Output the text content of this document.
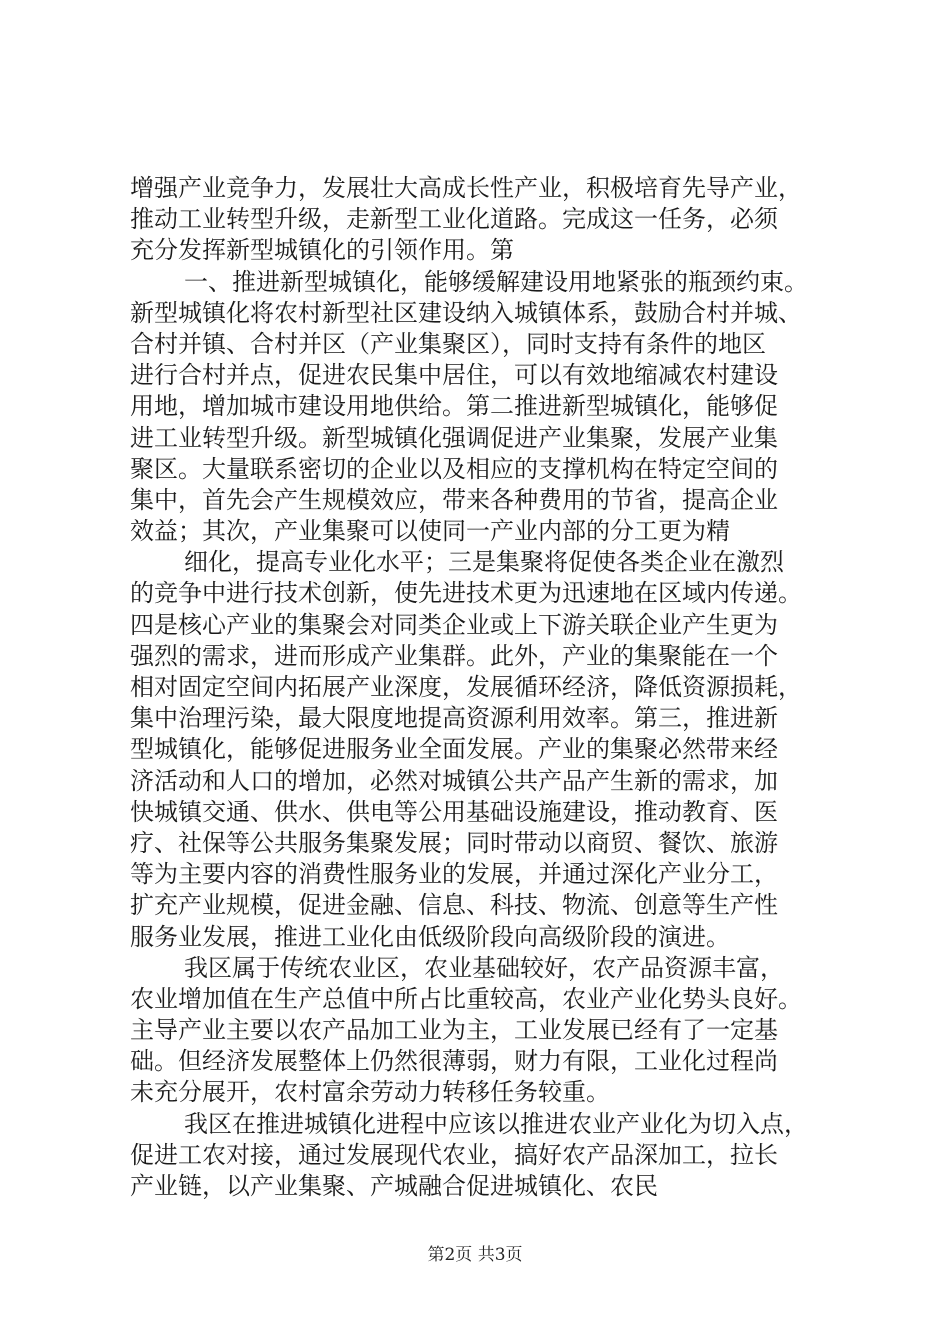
增强产业竞争力，发展壮大高成长性产业，积极培育先导产业，
推动工业转型升级，走新型工业化道路。完成这一任务，必须
充分发挥新型城镇化的引领作用。第
一、推进新型城镇化，能够缓解建设用地紧张的瓶颈约束。
新型城镇化将农村新型社区建设纳入城镇体系，鼓励合村并城、
合村并镇、合村并区（产业集聚区），同时支持有条件的地区
进行合村并点，促进农民集中居住，可以有效地缩减农村建设
用地，增加城市建设用地供给。第二推进新型城镇化，能够促
进工业转型升级。新型城镇化强调促进产业集聚，发展产业集
聚区。大量联系密切的企业以及相应的支撑机构在特定空间的
集中，首先会产生规模效应，带来各种费用的节省，提高企业
效益；其次，产业集聚可以使同一产业内部的分工更为精
细化，提高专业化水平；三是集聚将促使各类企业在激烈
的竞争中进行技术创新，使先进技术更为迅速地在区域内传递。
四是核心产业的集聚会对同类企业或上下游关联企业产生更为
强烈的需求，进而形成产业集群。此外，产业的集聚能在一个
相对固定空间内拓展产业深度，发展循环经济，降低资源损耗，
集中治理污染，最大限度地提高资源利用效率。第三，推进新
型城镇化，能够促进服务业全面发展。产业的集聚必然带来经
济活动和人口的增加，必然对城镇公共产品产生新的需求，加
快城镇交通、供水、供电等公用基础设施建设，推动教育、医
疗、社保等公共服务集聚发展；同时带动以商贸、餐饮、旅游
等为主要内容的消费性服务业的发展，并通过深化产业分工，
扩充产业规模，促进金融、信息、科技、物流、创意等生产性
服务业发展，推进工业化由低级阶段向高级阶段的演进。
我区属于传统农业区，农业基础较好，农产品资源丰富，
农业增加值在生产总值中所占比重较高，农业产业化势头良好。
主导产业主要以农产品加工业为主，工业发展已经有了一定基
础。但经济发展整体上仍然很薄弱，财力有限，工业化过程尚
未充分展开，农村富余劳动力转移任务较重。
我区在推进城镇化进程中应该以推进农业产业化为切入点，
促进工农对接，通过发展现代农业，搞好农产品深加工，拉长
产业链，以产业集聚、产城融合促进城镇化、农民
第2页 共3页
